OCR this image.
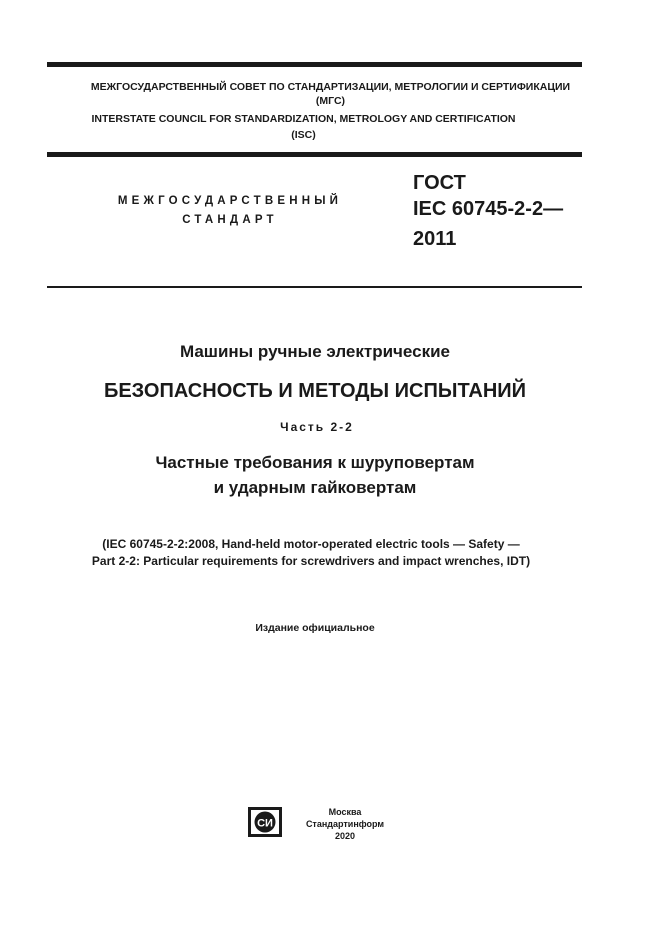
МЕЖГОСУДАРСТВЕННЫЙ СОВЕТ ПО СТАНДАРТИЗАЦИИ, МЕТРОЛОГИИ И СЕРТИФИКАЦИИ
(МГС)
INTERSTATE COUNCIL FOR STANDARDIZATION, METROLOGY AND CERTIFICATION
(ISC)
МЕЖГОСУДАРСТВЕННЫЙ
СТАНДАРТ
ГОСТ
IEC 60745-2-2—
2011
Машины ручные электрические
БЕЗОПАСНОСТЬ И МЕТОДЫ ИСПЫТАНИЙ
Часть 2-2
Частные требования к шуруповертам
и ударным гайковертам
(IEC 60745-2-2:2008, Hand-held motor-operated electric tools — Safety —
Part 2-2: Particular requirements for screwdrivers and impact wrenches, IDT)
Издание официальное
СИ
Москва
Стандартинформ
2020
